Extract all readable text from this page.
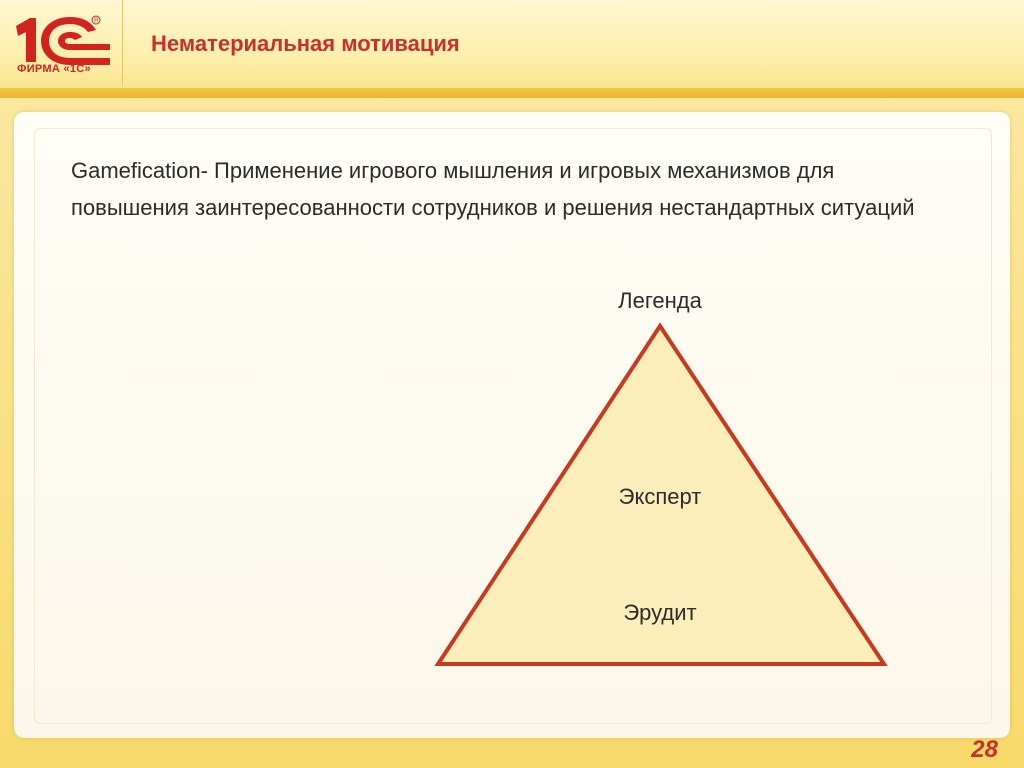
R
ФИРМА «1С»
Нематериальная мотивация
Gamefication- Применение игрового мышления и игровых механизмов для повышения заинтересованности сотрудников и решения нестандартных ситуаций
Легенда
Эксперт
Эрудит
28
